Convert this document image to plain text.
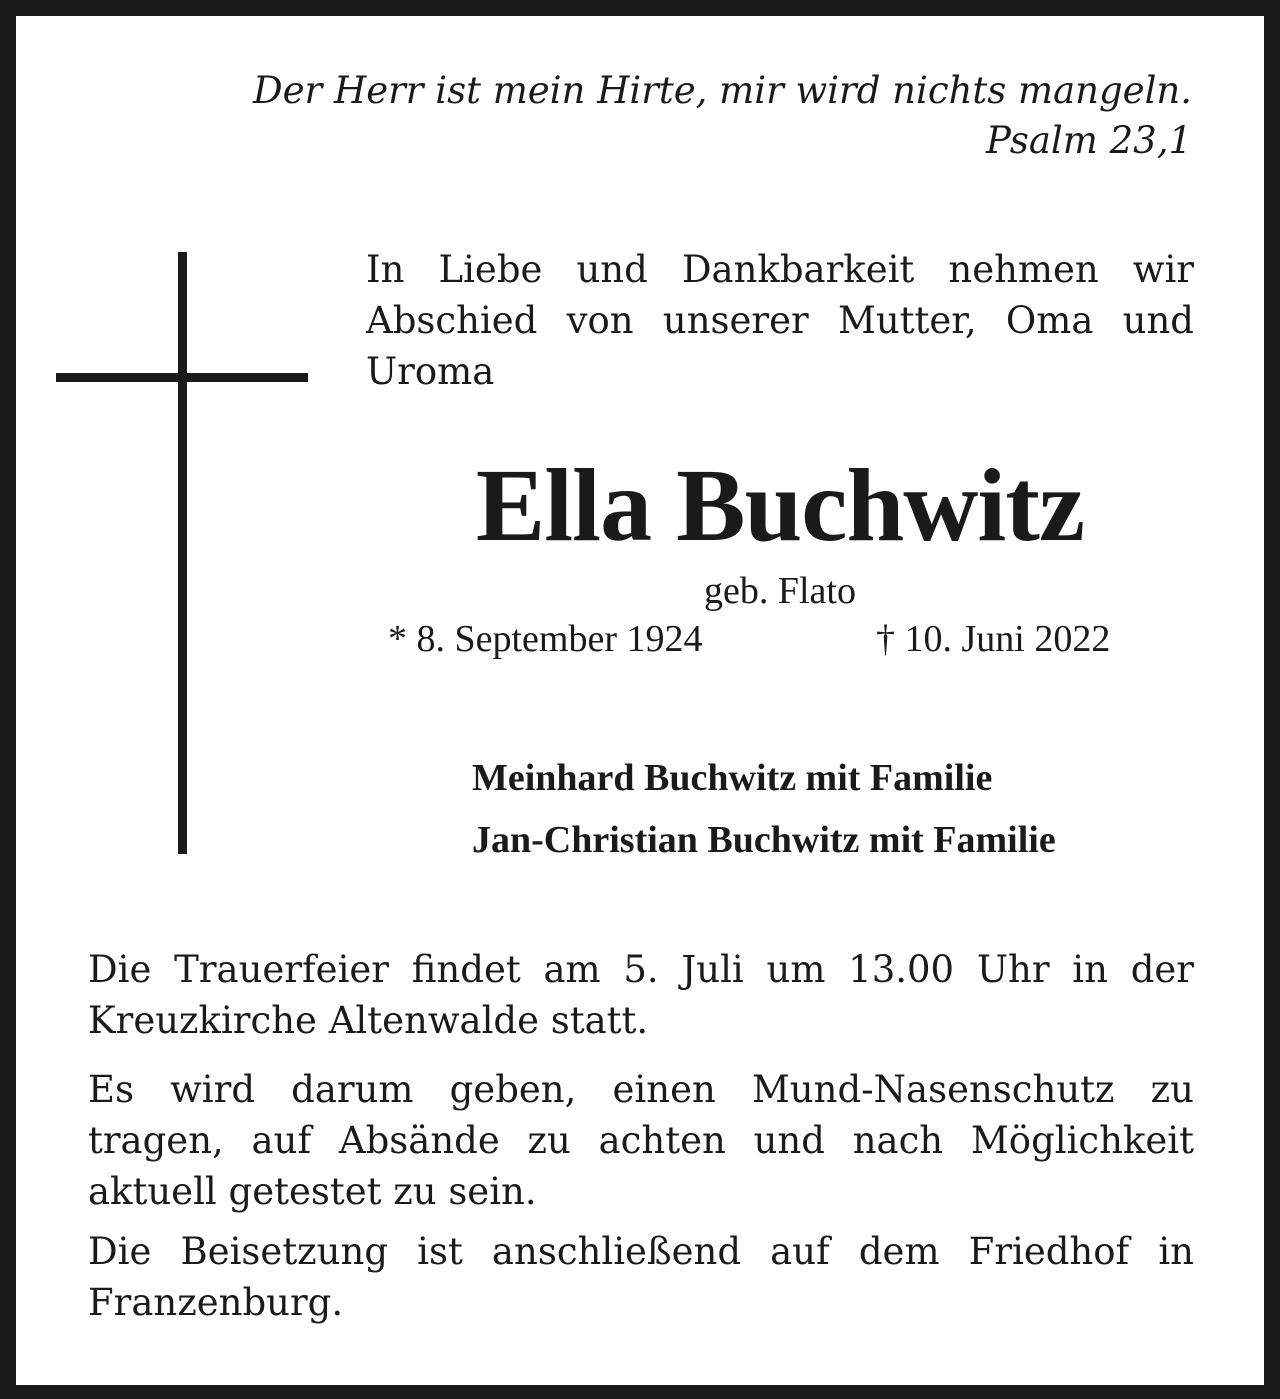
Der Herr ist mein Hirte, mir wird nichts mangeln.
Psalm 23,1
In Liebe und Dankbarkeit nehmen wir Abschied von unserer Mutter, Oma und Uroma
Ella Buchwitz
geb. Flato
* 8. September 1924	† 10. Juni 2022
Meinhard Buchwitz mit Familie
Jan-Christian Buchwitz mit Familie
Die Trauerfeier findet am 5. Juli um 13.00 Uhr in der Kreuzkirche Altenwalde statt.
Es wird darum geben, einen Mund-Nasenschutz zu tragen, auf Absände zu achten und nach Möglichkeit aktuell getestet zu sein.
Die Beisetzung ist anschließend auf dem Friedhof in Franzenburg.
